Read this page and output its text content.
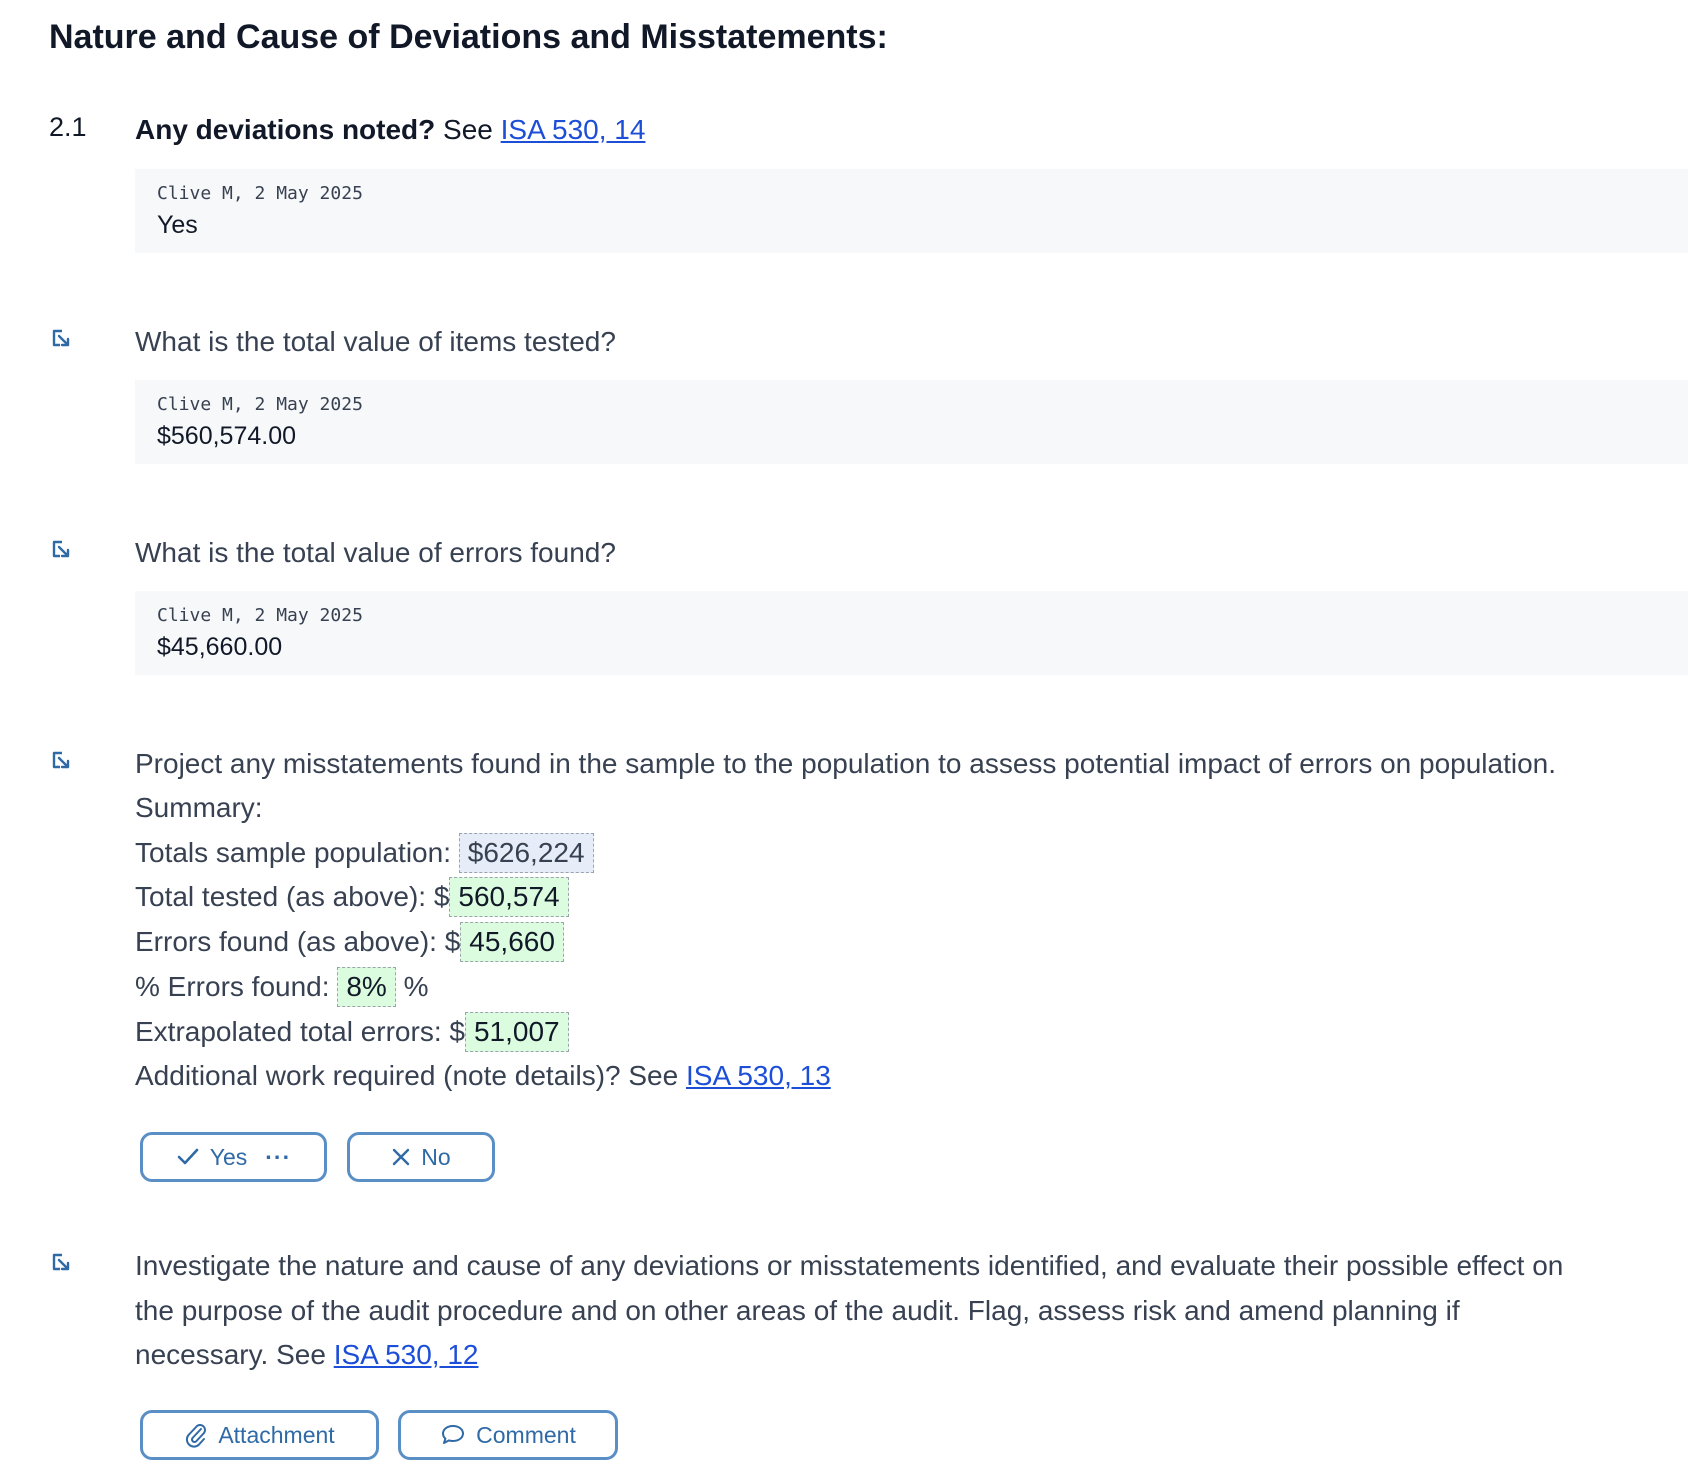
Nature and Cause of Deviations and Misstatements:
2.1 Any deviations noted? See ISA 530, 14
Clive M, 2 May 2025
Yes
What is the total value of items tested?
Clive M, 2 May 2025
$560,574.00
What is the total value of errors found?
Clive M, 2 May 2025
$45,660.00
Project any misstatements found in the sample to the population to assess potential impact of errors on population.
Summary:
Totals sample population: $626,224
Total tested (as above): $ 560,574
Errors found (as above): $ 45,660
% Errors found: 8% %
Extrapolated total errors: $ 51,007
Additional work required (note details)? See ISA 530, 13
Yes ···	No
Investigate the nature and cause of any deviations or misstatements identified, and evaluate their possible effect on
the purpose of the audit procedure and on other areas of the audit. Flag, assess risk and amend planning if
necessary. See ISA 530, 12
Attachment	Comment
